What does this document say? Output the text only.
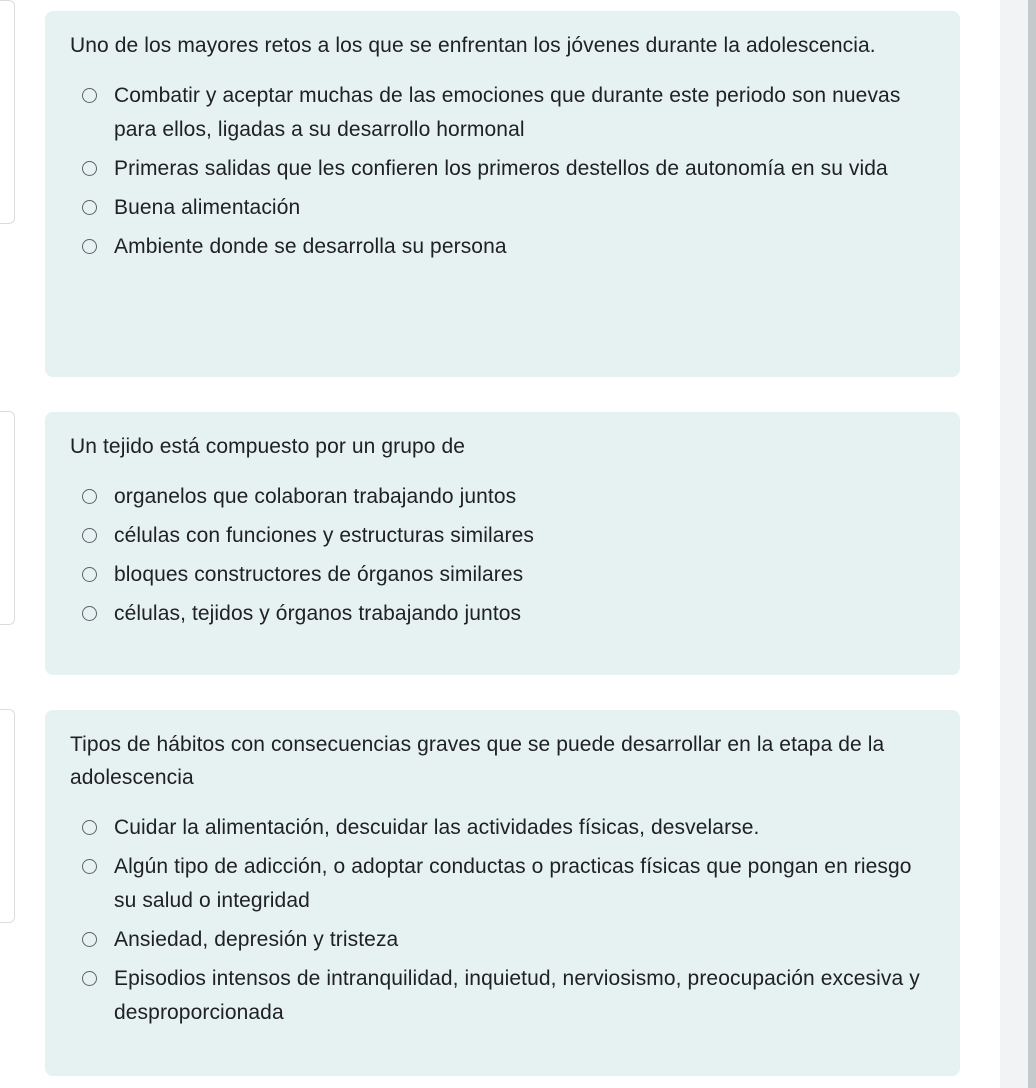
Uno de los mayores retos a los que se enfrentan los jóvenes durante la adolescencia.

Combatir y aceptar muchas de las emociones que durante este periodo son nuevas para ellos, ligadas a su desarrollo hormonal
Primeras salidas que les confieren los primeros destellos de autonomía en su vida
Buena alimentación
Ambiente donde se desarrolla su persona

Un tejido está compuesto por un grupo de

organelos que colaboran trabajando juntos
células con funciones y estructuras similares
bloques constructores de órganos similares
células, tejidos y órganos trabajando juntos

Tipos de hábitos con consecuencias graves que se puede desarrollar en la etapa de la adolescencia

Cuidar la alimentación, descuidar las actividades físicas, desvelarse.
Algún tipo de adicción, o adoptar conductas o practicas físicas que pongan en riesgo su salud o integridad
Ansiedad, depresión y tristeza
Episodios intensos de intranquilidad, inquietud, nerviosismo, preocupación excesiva y desproporcionada
